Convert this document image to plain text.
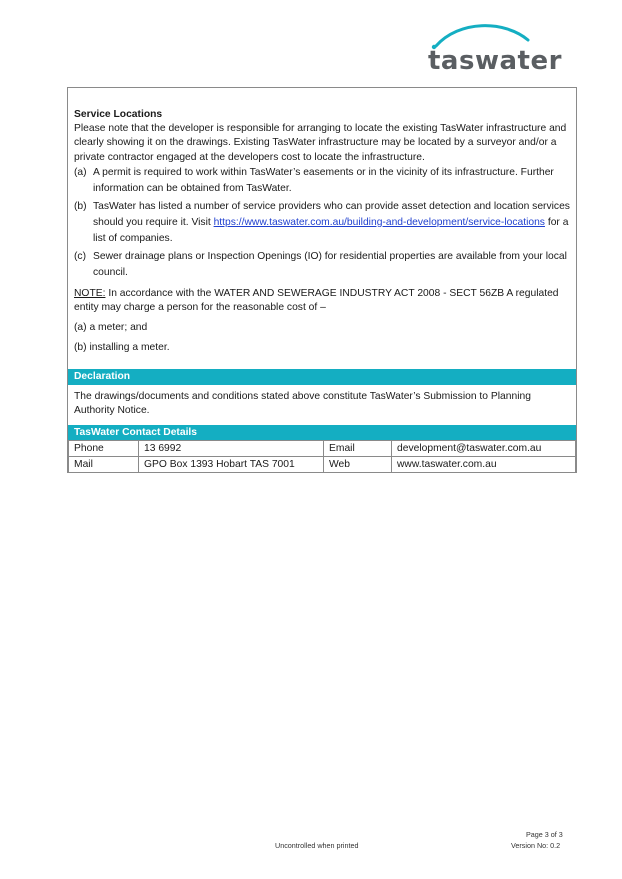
taswater
Service Locations

Please note that the developer is responsible for arranging to locate the existing TasWater infrastructure and clearly showing it on the drawings. Existing TasWater infrastructure may be located by a surveyor and/or a private contractor engaged at the developers cost to locate the infrastructure.

(a) A permit is required to work within TasWater’s easements or in the vicinity of its infrastructure. Further information can be obtained from TasWater.
(b) TasWater has listed a number of service providers who can provide asset detection and location services should you require it. Visit https://www.taswater.com.au/building-and-development/service-locations for a list of companies.
(c) Sewer drainage plans or Inspection Openings (IO) for residential properties are available from your local council.
NOTE: In accordance with the WATER AND SEWERAGE INDUSTRY ACT 2008 - SECT 56ZB A regulated entity may charge a person for the reasonable cost of –
(a) a meter; and
(b) installing a meter.
Declaration
The drawings/documents and conditions stated above constitute TasWater’s Submission to Planning Authority Notice.
TasWater Contact Details
Phone	13 6992	Email	development@taswater.com.au
Mail	GPO Box 1393 Hobart TAS 7001	Web	www.taswater.com.au
Page 3 of 3
Uncontrolled when printed	Version No: 0.2
